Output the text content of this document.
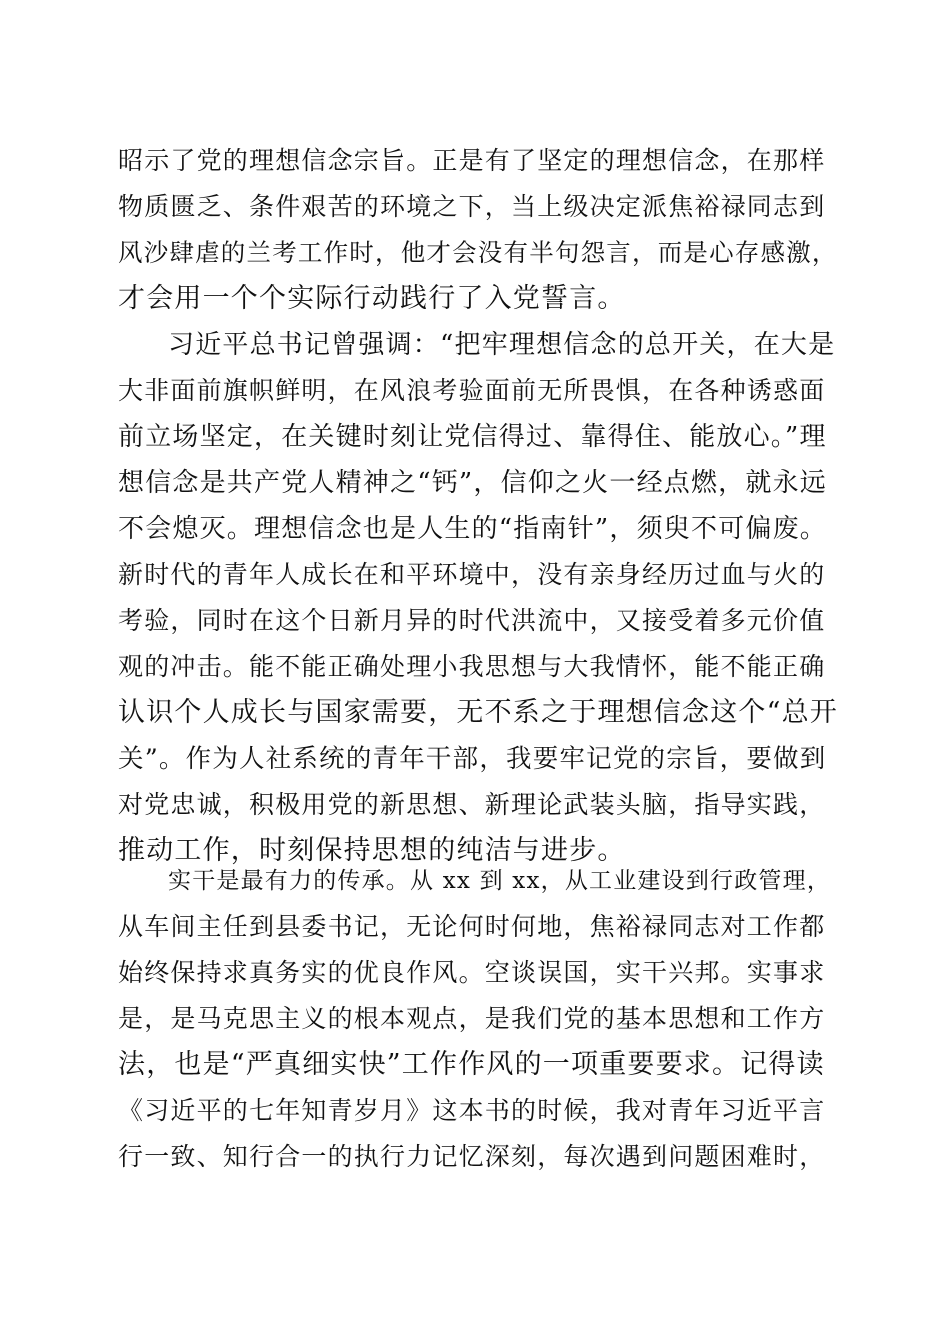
昭示了党的理想信念宗旨。正是有了坚定的理想信念，在那样
物质匮乏、条件艰苦的环境之下，当上级决定派焦裕禄同志到
风沙肆虐的兰考工作时，他才会没有半句怨言，而是心存感激，
才会用一个个实际行动践行了入党誓言。
习近平总书记曾强调：“把牢理想信念的总开关，在大是
大非面前旗帜鲜明，在风浪考验面前无所畏惧，在各种诱惑面
前立场坚定，在关键时刻让党信得过、靠得住、能放心。”理
想信念是共产党人精神之“钙”，信仰之火一经点燃，就永远
不会熄灭。理想信念也是人生的“指南针”，须臾不可偏废。
新时代的青年人成长在和平环境中，没有亲身经历过血与火的
考验，同时在这个日新月异的时代洪流中，又接受着多元价值
观的冲击。能不能正确处理小我思想与大我情怀，能不能正确
认识个人成长与国家需要，无不系之于理想信念这个“总开
关”。作为人社系统的青年干部，我要牢记党的宗旨，要做到
对党忠诚，积极用党的新思想、新理论武装头脑，指导实践，
推动工作，时刻保持思想的纯洁与进步。
实干是最有力的传承。从 xx 到 xx，从工业建设到行政管理，
从车间主任到县委书记，无论何时何地，焦裕禄同志对工作都
始终保持求真务实的优良作风。空谈误国，实干兴邦。实事求
是，是马克思主义的根本观点，是我们党的基本思想和工作方
法，也是“严真细实快”工作作风的一项重要要求。记得读
《习近平的七年知青岁月》这本书的时候，我对青年习近平言
行一致、知行合一的执行力记忆深刻，每次遇到问题困难时，
